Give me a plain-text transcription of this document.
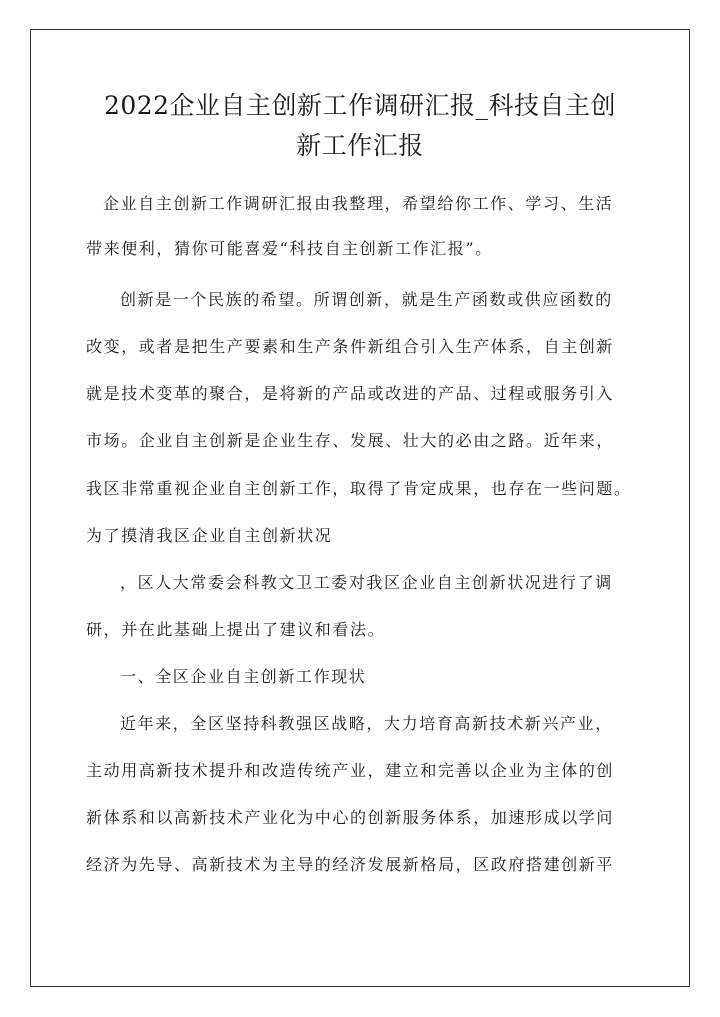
2022企业自主创新工作调研汇报_科技自主创
新工作汇报

企业自主创新工作调研汇报由我整理，希望给你工作、学习、生活

带来便利，猜你可能喜爱“科技自主创新工作汇报”。

创新是一个民族的希望。所谓创新，就是生产函数或供应函数的

改变，或者是把生产要素和生产条件新组合引入生产体系，自主创新

就是技术变革的聚合，是将新的产品或改进的产品、过程或服务引入

市场。企业自主创新是企业生存、发展、壮大的必由之路。近年来，

我区非常重视企业自主创新工作，取得了肯定成果，也存在一些问题。

为了摸清我区企业自主创新状况

，区人大常委会科教文卫工委对我区企业自主创新状况进行了调

研，并在此基础上提出了建议和看法。

一、全区企业自主创新工作现状

近年来，全区坚持科教强区战略，大力培育高新技术新兴产业，

主动用高新技术提升和改造传统产业，建立和完善以企业为主体的创

新体系和以高新技术产业化为中心的创新服务体系，加速形成以学问

经济为先导、高新技术为主导的经济发展新格局，区政府搭建创新平
